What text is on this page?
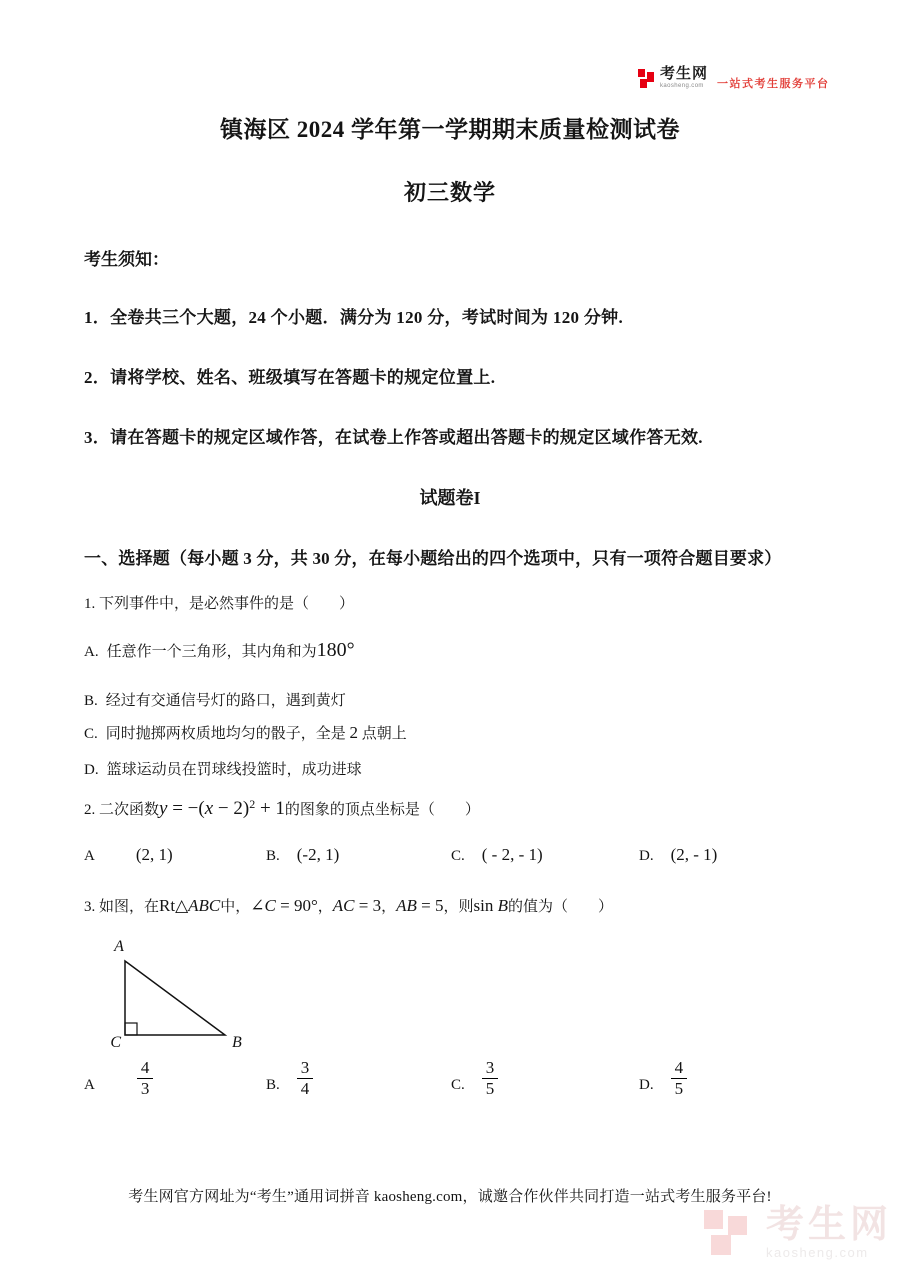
考生网
kaosheng.com	一站式考生服务平台
镇海区 2024 学年第一学期期末质量检测试卷
初三数学
考生须知：
1．全卷共三个大题，24 个小题．满分为 120 分，考试时间为 120 分钟.
2．请将学校、姓名、班级填写在答题卡的规定位置上.
3．请在答题卡的规定区域作答，在试卷上作答或超出答题卡的规定区域作答无效.
试题卷I
一、选择题（每小题 3 分，共 30 分，在每小题给出的四个选项中，只有一项符合题目要求）
1. 下列事件中，是必然事件的是（　　）
A. 任意作一个三角形，其内角和为180°
B. 经过有交通信号灯的路口，遇到黄灯
C. 同时抛掷两枚质地均匀的骰子，全是 2 点朝上
D. 篮球运动员在罚球线投篮时，成功进球
2. 二次函数$y = -(x - 2)^2 + 1$的图象的顶点坐标是（　　）
A (2, 1)	B. (-2, 1)	C. ( - 2, - 1)	D. (2, - 1)
3. 如图，在Rt△ABC中，∠C = 90°，AC = 3，AB = 5，则sin B的值为（　　）
A
C	B
A $\frac{4}{3}$	B. $\frac{3}{4}$	C. $\frac{3}{5}$	D. $\frac{4}{5}$
考生网官方网址为“考生”通用词拼音 kaosheng.com，诚邀合作伙伴共同打造一站式考生服务平台!
考生网
kaosheng.com
